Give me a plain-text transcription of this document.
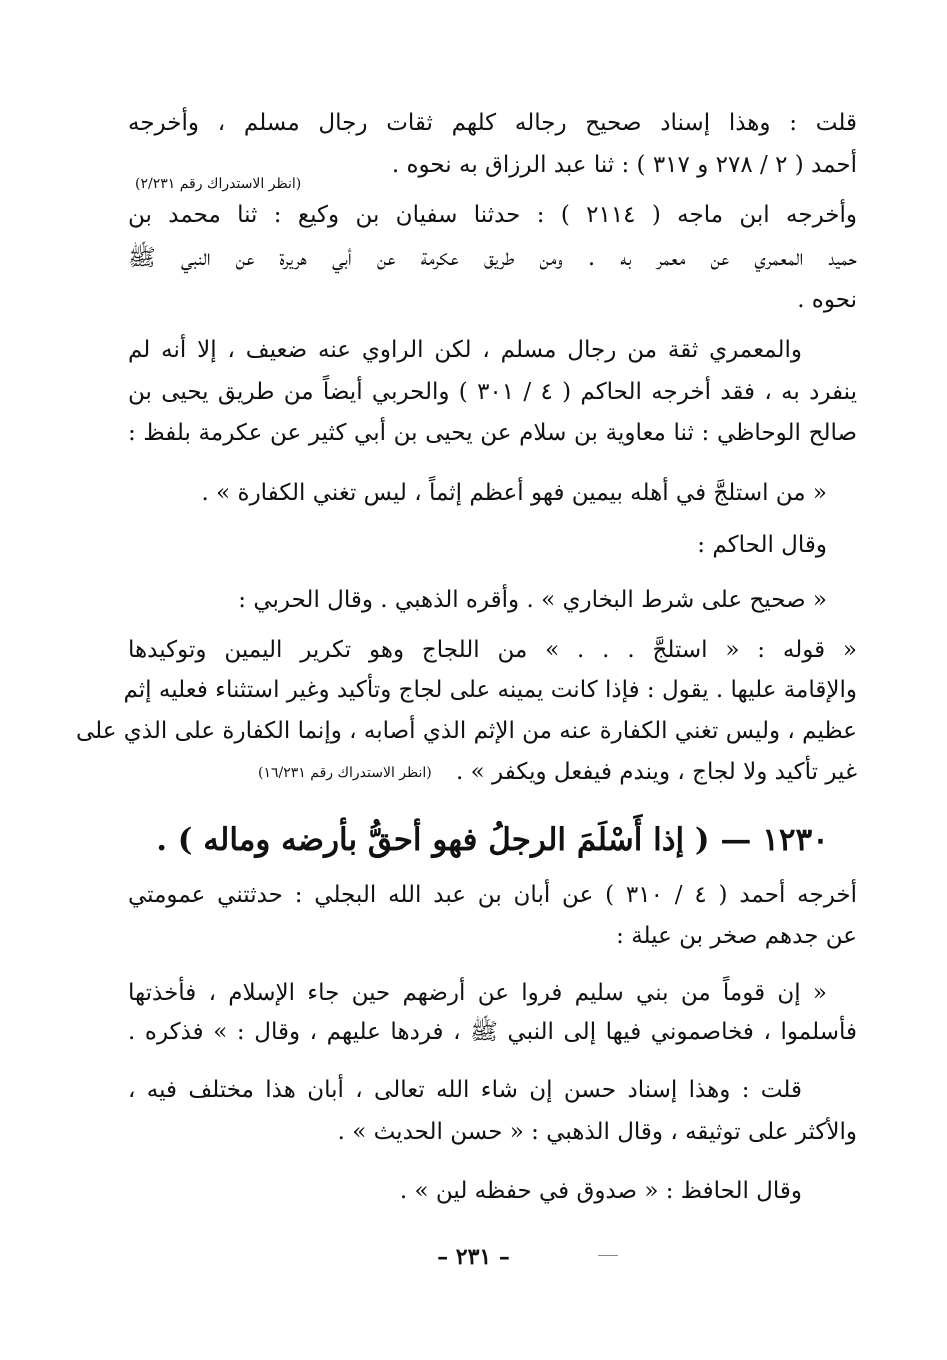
قلت : وهذا إسناد صحيح رجاله كلهم ثقات رجال مسلم ، وأخرجه
أحمد ( ٢ / ٢٧٨ و ٣١٧ ) : ثنا عبد الرزاق به نحوه .
(انظر الاستدراك رقم ٢/٢٣١)
وأخرجه ابن ماجه ( ٢١١٤ ) : حدثنا سفيان بن وكيع : ثنا محمد بن
حميد المعمري عن معمر به . ومن طريق عكرمة عن أبي هريرة عن النبي ﷺ
نحوه .
والمعمري ثقة من رجال مسلم ، لكن الراوي عنه ضعيف ، إلا أنه لم
ينفرد به ، فقد أخرجه الحاكم ( ٤ / ٣٠١ ) والحربي أيضاً من طريق يحيى بن
صالح الوحاظي : ثنا معاوية بن سلام عن يحيى بن أبي كثير عن عكرمة بلفظ :
« من استلجَّ في أهله بيمين فهو أعظم إثماً ، ليس تغني الكفارة » .
وقال الحاكم :
« صحيح على شرط البخاري » . وأقره الذهبي . وقال الحربي :
« قوله : « استلجَّ . . . » من اللجاج وهو تكرير اليمين وتوكيدها
والإقامة عليها . يقول : فإذا كانت يمينه على لجاج وتأكيد وغير استثناء فعليه إثم
عظيم ، وليس تغني الكفارة عنه من الإثم الذي أصابه ، وإنما الكفارة على الذي على
غير تأكيد ولا لجاج ، ويندم فيفعل ويكفر » .
(انظر الاستدراك رقم ١٦/٢٣١)
١٢٣٠ — ( إذا أَسْلَمَ الرجلُ فهو أحقُّ بأرضه وماله ) .
أخرجه أحمد ( ٤ / ٣١٠ ) عن أبان بن عبد الله البجلي : حدثتني عمومتي
عن جدهم صخر بن عيلة :
« إن قوماً من بني سليم فروا عن أرضهم حين جاء الإسلام ، فأخذتها
فأسلموا ، فخاصموني فيها إلى النبي ﷺ ، فردها عليهم ، وقال : » فذكره .
قلت : وهذا إسناد حسن إن شاء الله تعالى ، أبان هذا مختلف فيه ،
والأكثر على توثيقه ، وقال الذهبي : « حسن الحديث » .
وقال الحافظ : « صدوق في حفظه لين » .
– ٢٣١ –
